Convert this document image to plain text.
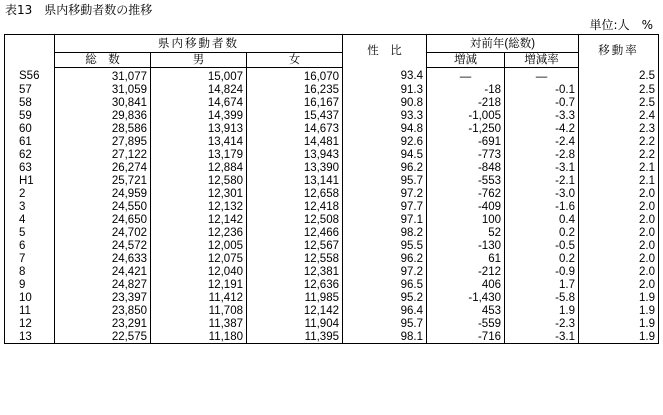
表13　県内移動者数の推移
単位:人　%
	県内移動者数			性　比	対前年(総数)		移動率
	総　数	男	女		増減	増減率	
S56	31,077	15,007	16,070	93.4	—	—	2.5
57	31,059	14,824	16,235	91.3	-18	-0.1	2.5
58	30,841	14,674	16,167	90.8	-218	-0.7	2.5
59	29,836	14,399	15,437	93.3	-1,005	-3.3	2.4
60	28,586	13,913	14,673	94.8	-1,250	-4.2	2.3
61	27,895	13,414	14,481	92.6	-691	-2.4	2.2
62	27,122	13,179	13,943	94.5	-773	-2.8	2.2
63	26,274	12,884	13,390	96.2	-848	-3.1	2.1
H1	25,721	12,580	13,141	95.7	-553	-2.1	2.1
2	24,959	12,301	12,658	97.2	-762	-3.0	2.0
3	24,550	12,132	12,418	97.7	-409	-1.6	2.0
4	24,650	12,142	12,508	97.1	100	0.4	2.0
5	24,702	12,236	12,466	98.2	52	0.2	2.0
6	24,572	12,005	12,567	95.5	-130	-0.5	2.0
7	24,633	12,075	12,558	96.2	61	0.2	2.0
8	24,421	12,040	12,381	97.2	-212	-0.9	2.0
9	24,827	12,191	12,636	96.5	406	1.7	2.0
10	23,397	11,412	11,985	95.2	-1,430	-5.8	1.9
11	23,850	11,708	12,142	96.4	453	1.9	1.9
12	23,291	11,387	11,904	95.7	-559	-2.3	1.9
13	22,575	11,180	11,395	98.1	-716	-3.1	1.9
